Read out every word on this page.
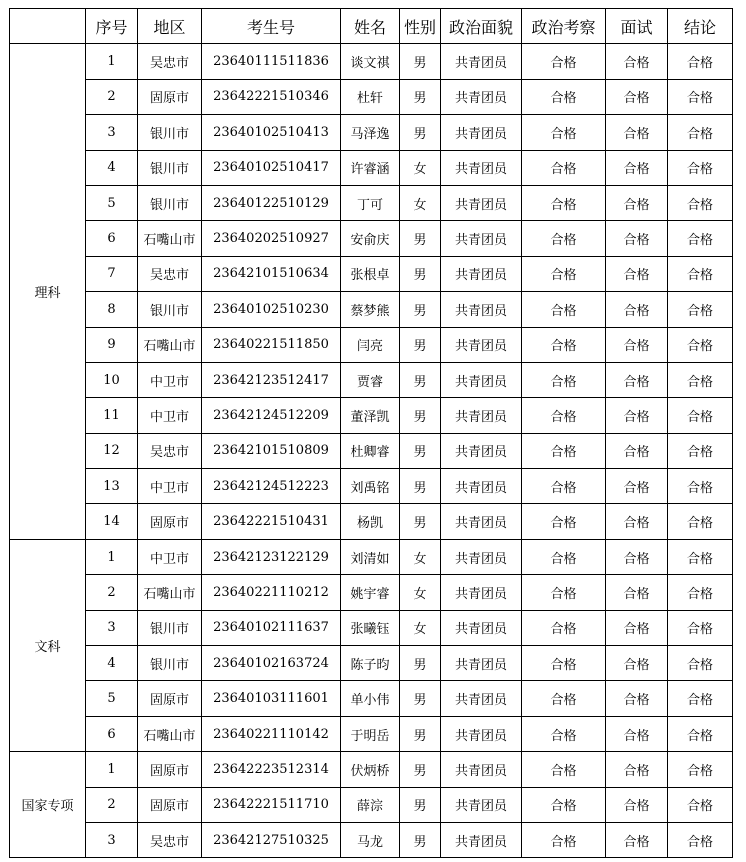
	序号	地区	考生号	姓名	性别	政治面貌	政治考察	面试	结论
理科	1	吴忠市	23640111511836	谈文祺	男	共青团员	合格	合格	合格
	2	固原市	23642221510346	杜轩	男	共青团员	合格	合格	合格
	3	银川市	23640102510413	马泽逸	男	共青团员	合格	合格	合格
	4	银川市	23640102510417	许睿涵	女	共青团员	合格	合格	合格
	5	银川市	23640122510129	丁可	女	共青团员	合格	合格	合格
	6	石嘴山市	23640202510927	安俞庆	男	共青团员	合格	合格	合格
	7	吴忠市	23642101510634	张根卓	男	共青团员	合格	合格	合格
	8	银川市	23640102510230	蔡梦熊	男	共青团员	合格	合格	合格
	9	石嘴山市	23640221511850	闫亮	男	共青团员	合格	合格	合格
	10	中卫市	23642123512417	贾睿	男	共青团员	合格	合格	合格
	11	中卫市	23642124512209	董泽凯	男	共青团员	合格	合格	合格
	12	吴忠市	23642101510809	杜卿睿	男	共青团员	合格	合格	合格
	13	中卫市	23642124512223	刘禹铭	男	共青团员	合格	合格	合格
	14	固原市	23642221510431	杨凯	男	共青团员	合格	合格	合格
文科	1	中卫市	23642123122129	刘清如	女	共青团员	合格	合格	合格
	2	石嘴山市	23640221110212	姚宇睿	女	共青团员	合格	合格	合格
	3	银川市	23640102111637	张曦钰	女	共青团员	合格	合格	合格
	4	银川市	23640102163724	陈子昀	男	共青团员	合格	合格	合格
	5	固原市	23640103111601	单小伟	男	共青团员	合格	合格	合格
	6	石嘴山市	23640221110142	于明岳	男	共青团员	合格	合格	合格
国家专项	1	固原市	23642223512314	伏炳桥	男	共青团员	合格	合格	合格
	2	固原市	23642221511710	薛淙	男	共青团员	合格	合格	合格
	3	吴忠市	23642127510325	马龙	男	共青团员	合格	合格	合格
